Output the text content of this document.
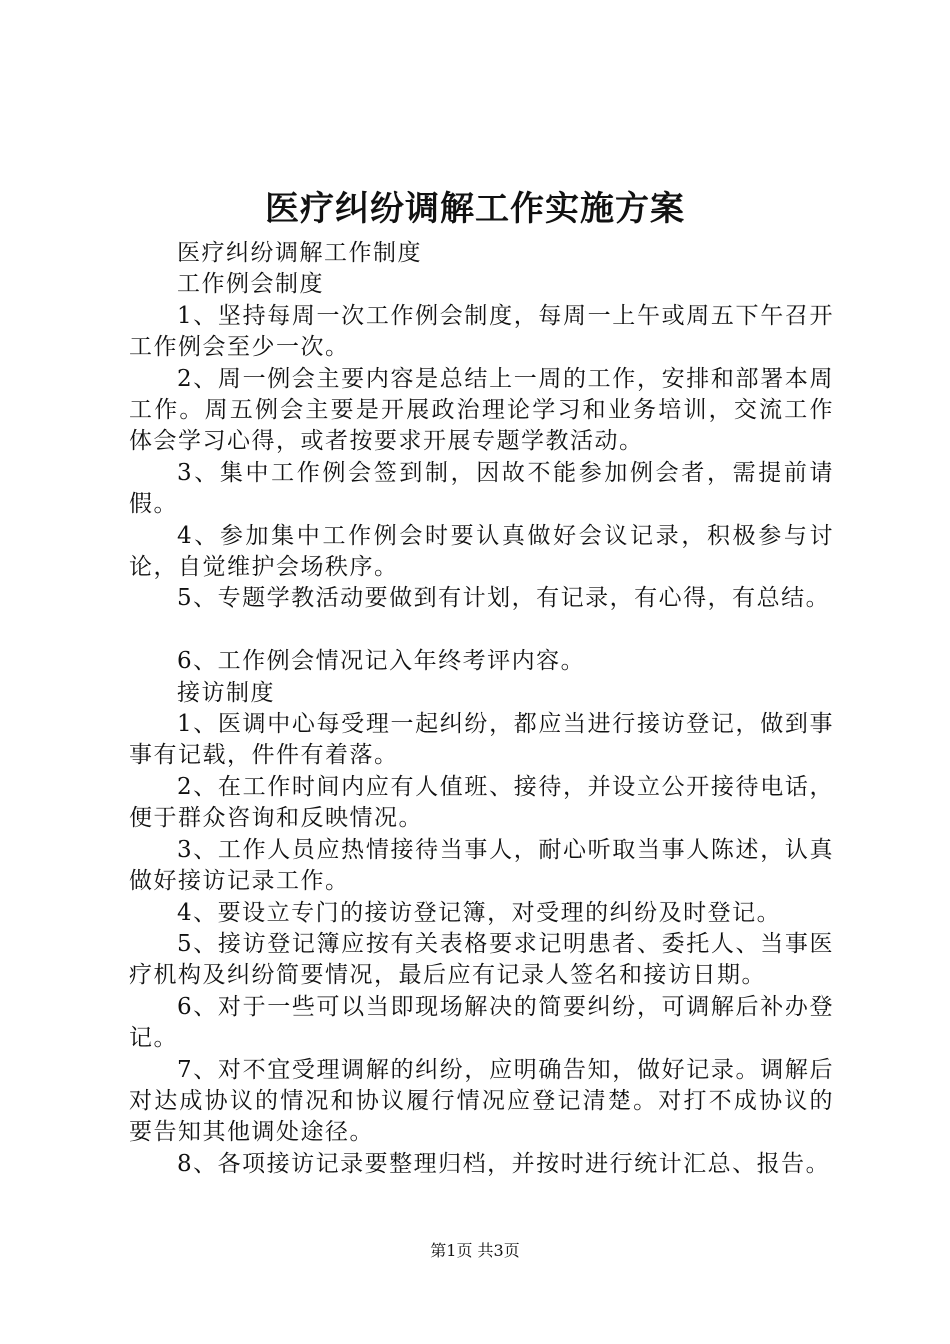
医疗纠纷调解工作实施方案

医疗纠纷调解工作制度

工作例会制度

1、坚持每周一次工作例会制度，每周一上午或周五下午召开工作例会至少一次。

2、周一例会主要内容是总结上一周的工作，安排和部署本周工作。周五例会主要是开展政治理论学习和业务培训，交流工作体会学习心得，或者按要求开展专题学教活动。

3、集中工作例会签到制，因故不能参加例会者，需提前请假。

4、参加集中工作例会时要认真做好会议记录，积极参与讨论，自觉维护会场秩序。

5、专题学教活动要做到有计划，有记录，有心得，有总结。

6、工作例会情况记入年终考评内容。

接访制度

1、医调中心每受理一起纠纷，都应当进行接访登记，做到事事有记载，件件有着落。

2、在工作时间内应有人值班、接待，并设立公开接待电话，便于群众咨询和反映情况。

3、工作人员应热情接待当事人，耐心听取当事人陈述，认真做好接访记录工作。

4、要设立专门的接访登记簿，对受理的纠纷及时登记。

5、接访登记簿应按有关表格要求记明患者、委托人、当事医疗机构及纠纷简要情况，最后应有记录人签名和接访日期。

6、对于一些可以当即现场解决的简要纠纷，可调解后补办登记。

7、对不宜受理调解的纠纷，应明确告知，做好记录。调解后对达成协议的情况和协议履行情况应登记清楚。对打不成协议的要告知其他调处途径。

8、各项接访记录要整理归档，并按时进行统计汇总、报告。

第1页 共3页
